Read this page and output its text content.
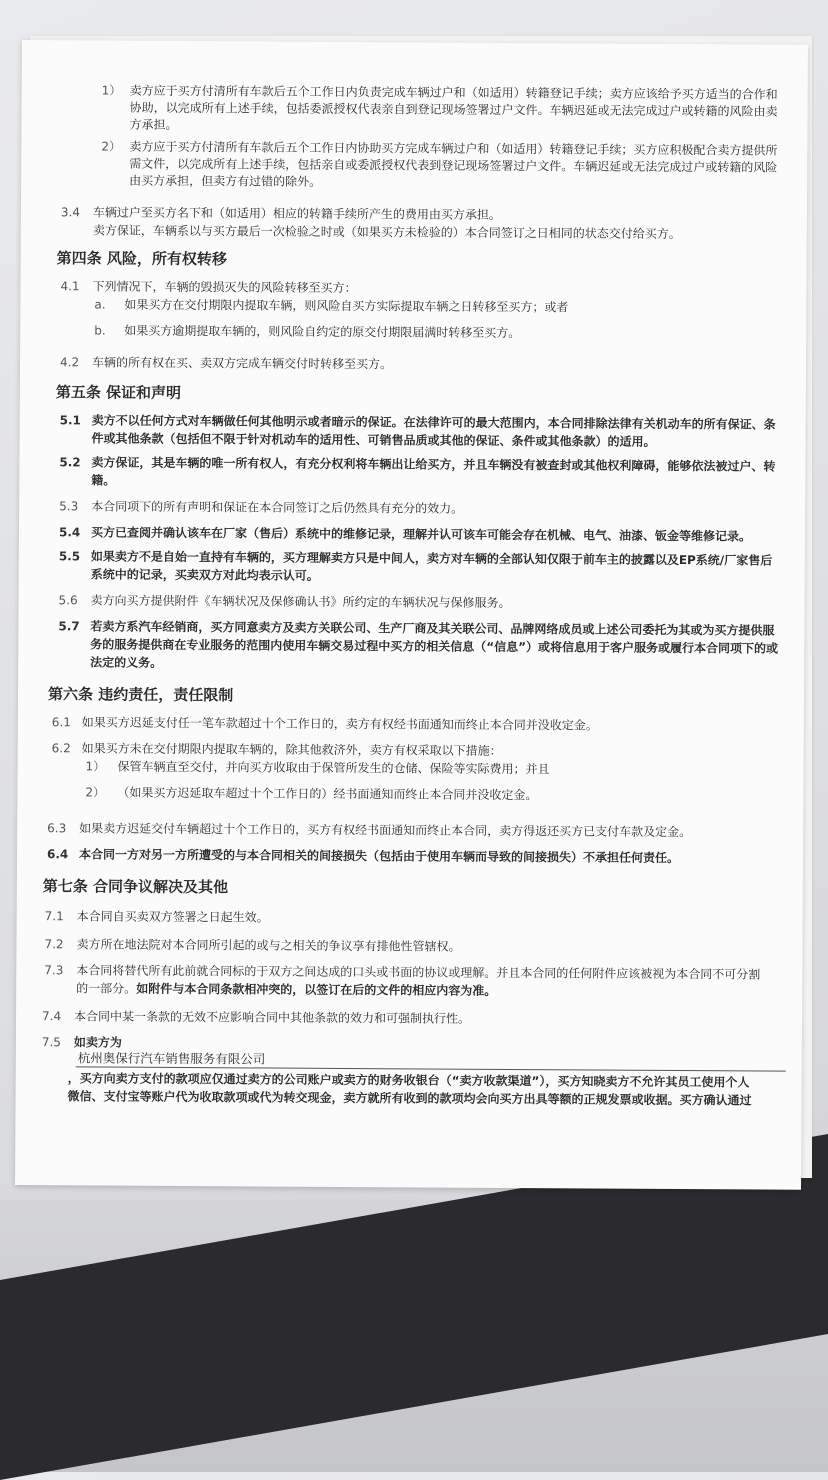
1） 卖方应于买方付清所有车款后五个工作日内负责完成车辆过户和（如适用）转籍登记手续；卖方应该给予买方适当的合作和
协助，以完成所有上述手续，包括委派授权代表亲自到登记现场签署过户文件。车辆迟延或无法完成过户或转籍的风险由卖
方承担。
2） 卖方应于买方付清所有车款后五个工作日内协助买方完成车辆过户和（如适用）转籍登记手续；买方应积极配合卖方提供所
需文件，以完成所有上述手续，包括亲自或委派授权代表到登记现场签署过户文件。车辆迟延或无法完成过户或转籍的风险
由买方承担，但卖方有过错的除外。
3.4 车辆过户至买方名下和（如适用）相应的转籍手续所产生的费用由买方承担。
卖方保证，车辆系以与买方最后一次检验之时或（如果买方未检验的）本合同签订之日相同的状态交付给买方。
第四条 风险，所有权转移
4.1 下列情况下，车辆的毁损灭失的风险转移至买方：
a. 如果买方在交付期限内提取车辆，则风险自买方实际提取车辆之日转移至买方；或者
b. 如果买方逾期提取车辆的，则风险自约定的原交付期限届满时转移至买方。
4.2 车辆的所有权在买、卖双方完成车辆交付时转移至买方。
第五条 保证和声明
5.1 卖方不以任何方式对车辆做任何其他明示或者暗示的保证。在法律许可的最大范围内，本合同排除法律有关机动车的所有保证、条
件或其他条款（包括但不限于针对机动车的适用性、可销售品质或其他的保证、条件或其他条款）的适用。
5.2 卖方保证，其是车辆的唯一所有权人，有充分权利将车辆出让给买方，并且车辆没有被查封或其他权利障碍，能够依法被过户、转
籍。
5.3 本合同项下的所有声明和保证在本合同签订之后仍然具有充分的效力。
5.4 买方已查阅并确认该车在厂家（售后）系统中的维修记录，理解并认可该车可能会存在机械、电气、油漆、钣金等维修记录。
5.5 如果卖方不是自始一直持有车辆的，买方理解卖方只是中间人，卖方对车辆的全部认知仅限于前车主的披露以及EP系统/厂家售后
系统中的记录，买卖双方对此均表示认可。
5.6 卖方向买方提供附件《车辆状况及保修确认书》所约定的车辆状况与保修服务。
5.7 若卖方系汽车经销商，买方同意卖方及卖方关联公司、生产厂商及其关联公司、品牌网络成员或上述公司委托为其或为买方提供服
务的服务提供商在专业服务的范围内使用车辆交易过程中买方的相关信息（“信息”）或将信息用于客户服务或履行本合同项下的或
法定的义务。
第六条 违约责任，责任限制
6.1 如果买方迟延支付任一笔车款超过十个工作日的，卖方有权经书面通知而终止本合同并没收定金。
6.2 如果买方未在交付期限内提取车辆的，除其他救济外，卖方有权采取以下措施：
1） 保管车辆直至交付，并向买方收取由于保管所发生的仓储、保险等实际费用；并且
2） （如果买方迟延取车超过十个工作日的）经书面通知而终止本合同并没收定金。
6.3 如果卖方迟延交付车辆超过十个工作日的，买方有权经书面通知而终止本合同，卖方得返还买方已支付车款及定金。
6.4 本合同一方对另一方所遭受的与本合同相关的间接损失（包括由于使用车辆而导致的间接损失）不承担任何责任。
第七条 合同争议解决及其他
7.1 本合同自买卖双方签署之日起生效。
7.2 卖方所在地法院对本合同所引起的或与之相关的争议享有排他性管辖权。
7.3 本合同将替代所有此前就合同标的于双方之间达成的口头或书面的协议或理解。并且本合同的任何附件应该被视为本合同不可分割
的一部分。如附件与本合同条款相冲突的，以签订在后的文件的相应内容为准。
7.4 本合同中某一条款的无效不应影响合同中其他条款的效力和可强制执行性。
7.5 如卖方为
杭州奥保行汽车销售服务有限公司
，买方向卖方支付的款项应仅通过卖方的公司账户或卖方的财务收银台（“卖方收款渠道”），买方知晓卖方不允许其员工使用个人
微信、支付宝等账户代为收取款项或代为转交现金，卖方就所有收到的款项均会向买方出具等额的正规发票或收据。买方确认通过
